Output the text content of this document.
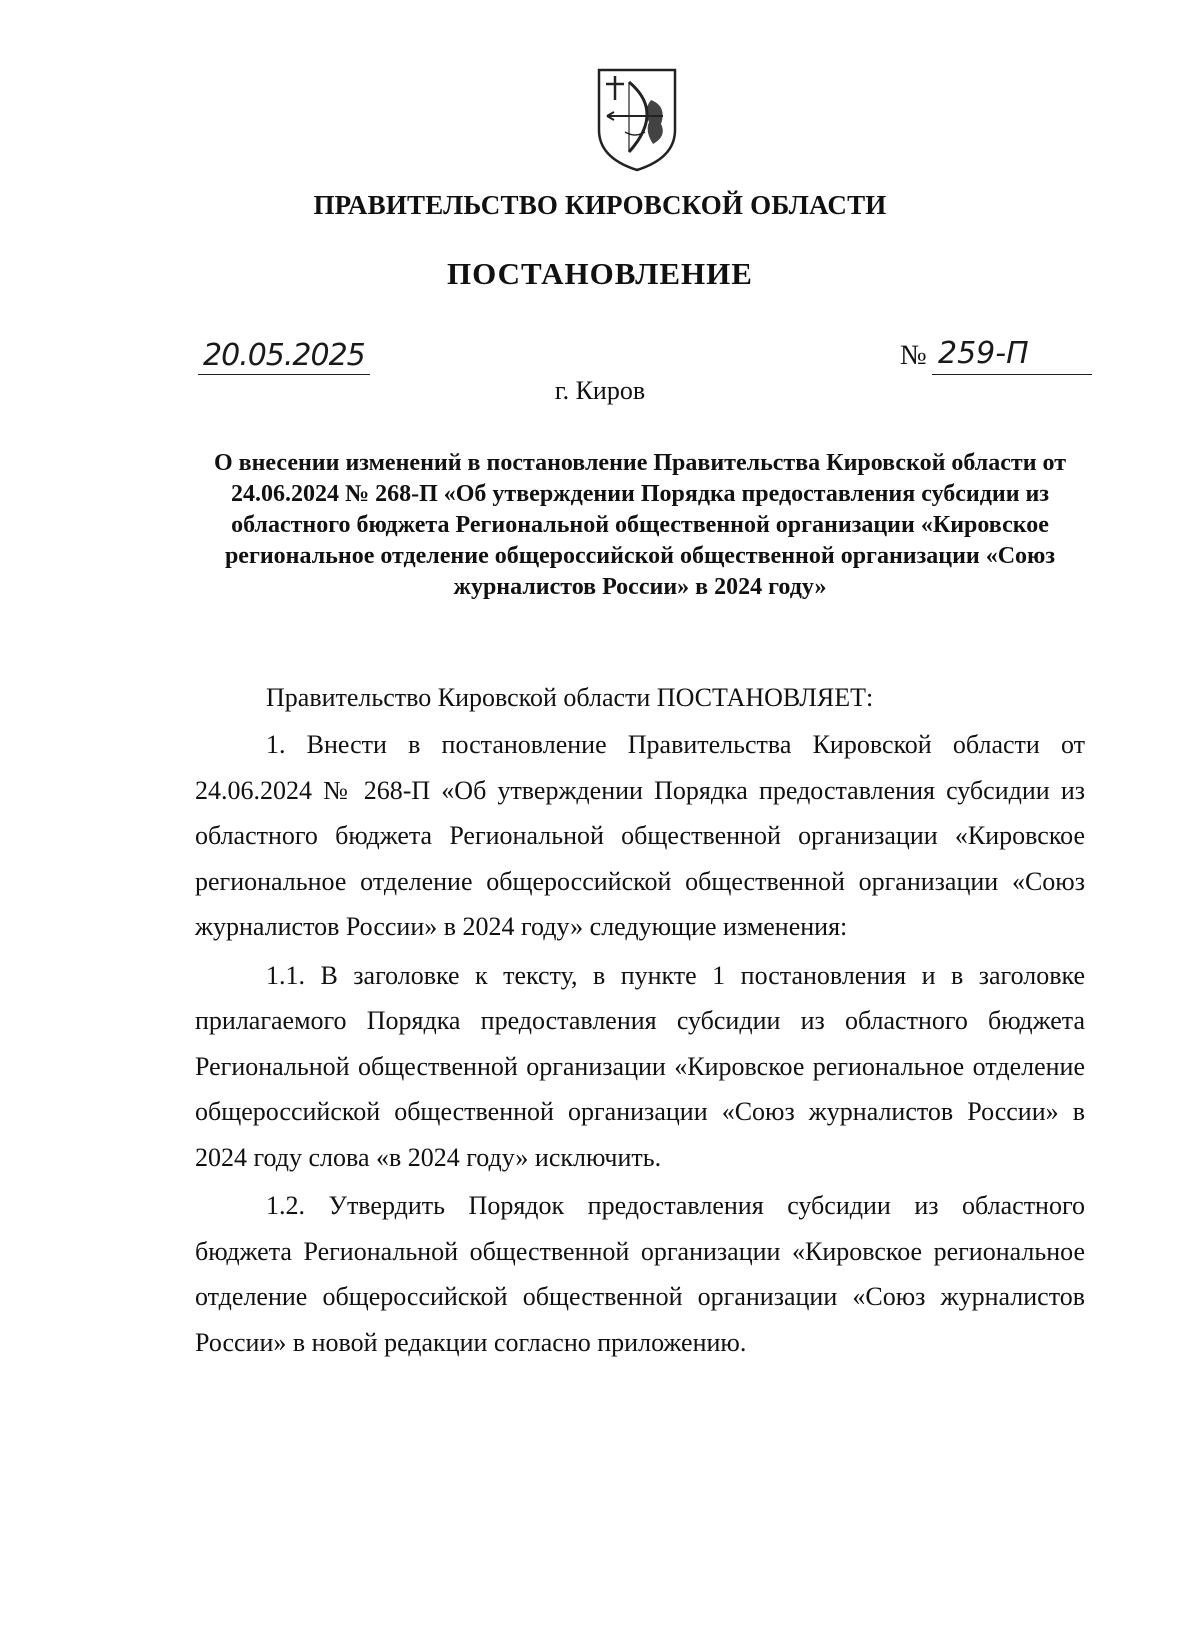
ПРАВИТЕЛЬСТВО КИРОВСКОЙ ОБЛАСТИ
ПОСТАНОВЛЕНИЕ
20.05.2025	№ 259-П
г. Киров
О внесении изменений в постановление Правительства Кировской области от 24.06.2024 № 268-П «Об утверждении Порядка предоставления субсидии из областного бюджета Региональной общественной организации «Кировское региональное отделение общероссийской общественной организации «Союз журналистов России» в 2024 году»
Правительство Кировской области ПОСТАНОВЛЯЕТ:

1. Внести в постановление Правительства Кировской области от 24.06.2024 № 268-П «Об утверждении Порядка предоставления субсидии из областного бюджета Региональной общественной организации «Кировское региональное отделение общероссийской общественной организации «Союз журналистов России» в 2024 году» следующие изменения:

1.1. В заголовке к тексту, в пункте 1 постановления и в заголовке прилагаемого Порядка предоставления субсидии из областного бюджета Региональной общественной организации «Кировское региональное отделение общероссийской общественной организации «Союз журналистов России» в 2024 году слова «в 2024 году» исключить.

1.2. Утвердить Порядок предоставления субсидии из областного бюджета Региональной общественной организации «Кировское региональное отделение общероссийской общественной организации «Союз журналистов России» в новой редакции согласно приложению.
